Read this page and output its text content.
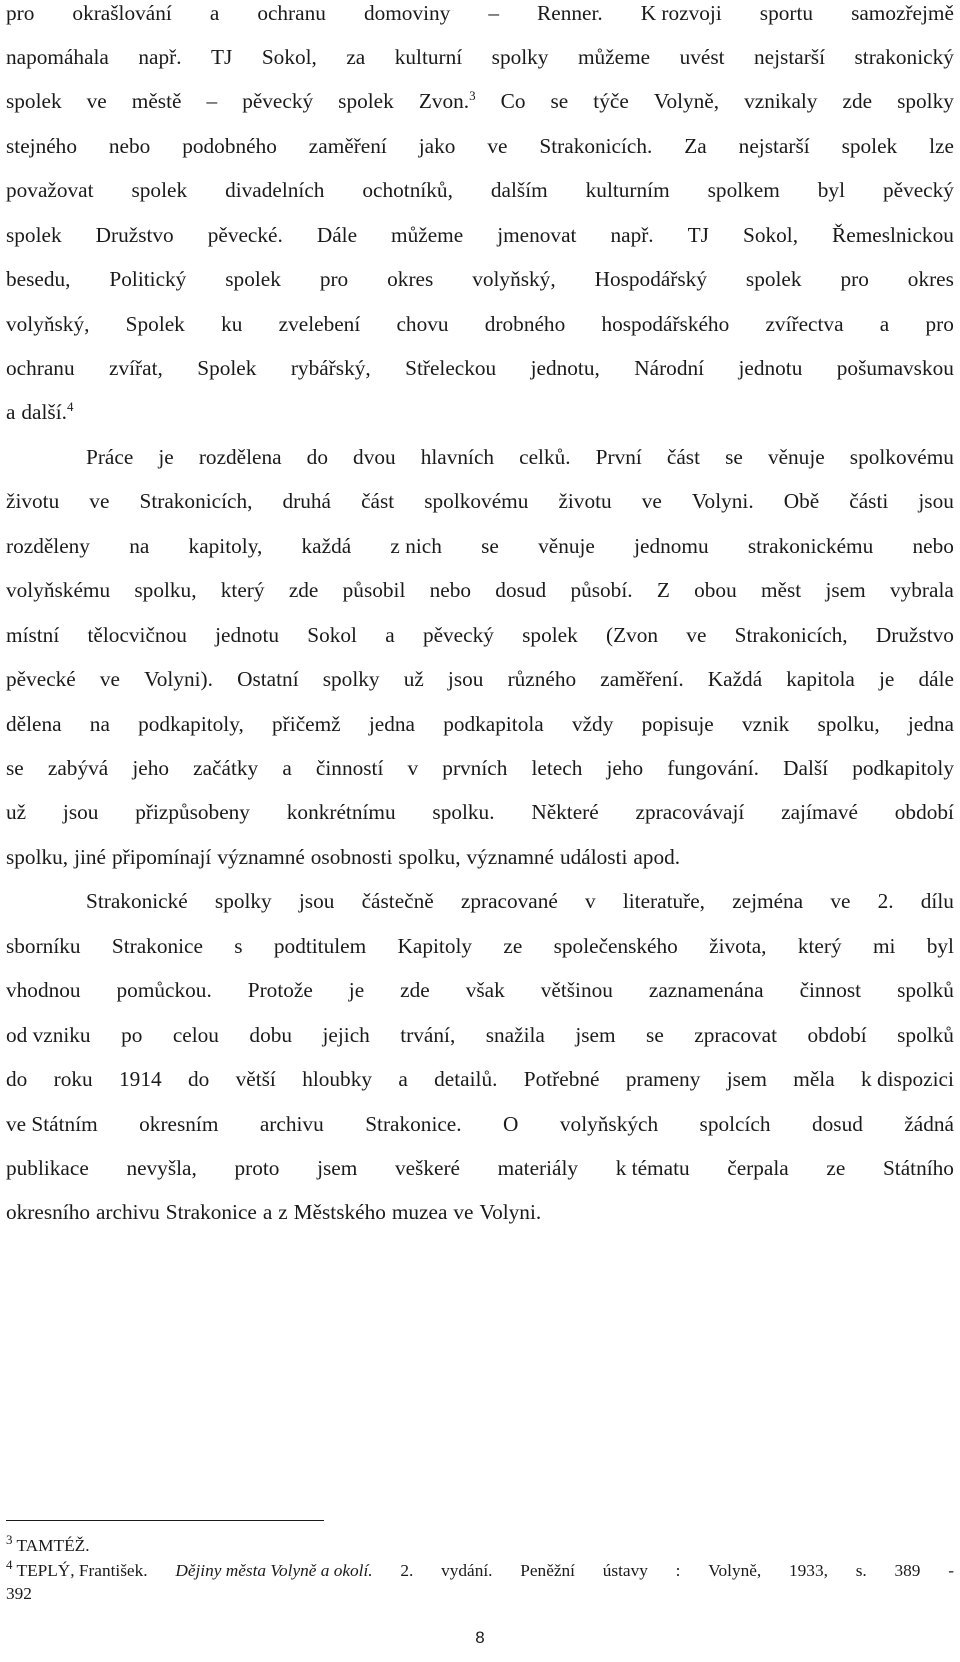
pro okrašlování a ochranu domoviny – Renner. K rozvoji sportu samozřejmě
napomáhala např. TJ Sokol, za kulturní spolky můžeme uvést nejstarší strakonický
spolek ve městě – pěvecký spolek Zvon.$^3$ Co se týče Volyně, vznikaly zde spolky
stejného nebo podobného zaměření jako ve Strakonicích. Za nejstarší spolek lze
považovat spolek divadelních ochotníků, dalším kulturním spolkem byl pěvecký
spolek Družstvo pěvecké. Dále můžeme jmenovat např. TJ Sokol, Řemeslnickou
besedu, Politický spolek pro okres volyňský, Hospodářský spolek pro okres
volyňský, Spolek ku zvelebení chovu drobného hospodářského zvířectva a pro
ochranu zvířat, Spolek rybářský, Střeleckou jednotu, Národní jednotu pošumavskou
a další.$^4$
Práce je rozdělena do dvou hlavních celků. První část se věnuje spolkovému
životu ve Strakonicích, druhá část spolkovému životu ve Volyni. Obě části jsou
rozděleny na kapitoly, každá z nich se věnuje jednomu strakonickému nebo
volyňskému spolku, který zde působil nebo dosud působí. Z obou měst jsem vybrala
místní tělocvičnou jednotu Sokol a pěvecký spolek (Zvon ve Strakonicích, Družstvo
pěvecké ve Volyni). Ostatní spolky už jsou různého zaměření. Každá kapitola je dále
dělena na podkapitoly, přičemž jedna podkapitola vždy popisuje vznik spolku, jedna
se zabývá jeho začátky a činností v prvních letech jeho fungování. Další podkapitoly
už jsou přizpůsobeny konkrétnímu spolku. Některé zpracovávají zajímavé období
spolku, jiné připomínají významné osobnosti spolku, významné události apod.
Strakonické spolky jsou částečně zpracované v literatuře, zejména ve 2. dílu
sborníku Strakonice s podtitulem Kapitoly ze společenského života, který mi byl
vhodnou pomůckou. Protože je zde však většinou zaznamenána činnost spolků
od vzniku po celou dobu jejich trvání, snažila jsem se zpracovat období spolků
do roku 1914 do větší hloubky a detailů. Potřebné prameny jsem měla k dispozici
ve Státním okresním archivu Strakonice. O volyňských spolcích dosud žádná
publikace nevyšla, proto jsem veškeré materiály k tématu čerpala ze Státního
okresního archivu Strakonice a z Městského muzea ve Volyni.
$^3$ TAMTÉŽ.
$^4$ TEPLÝ, František. Dějiny města Volyně a okolí. 2. vydání. Peněžní ústavy : Volyně, 1933, s. 389 -
392
8
